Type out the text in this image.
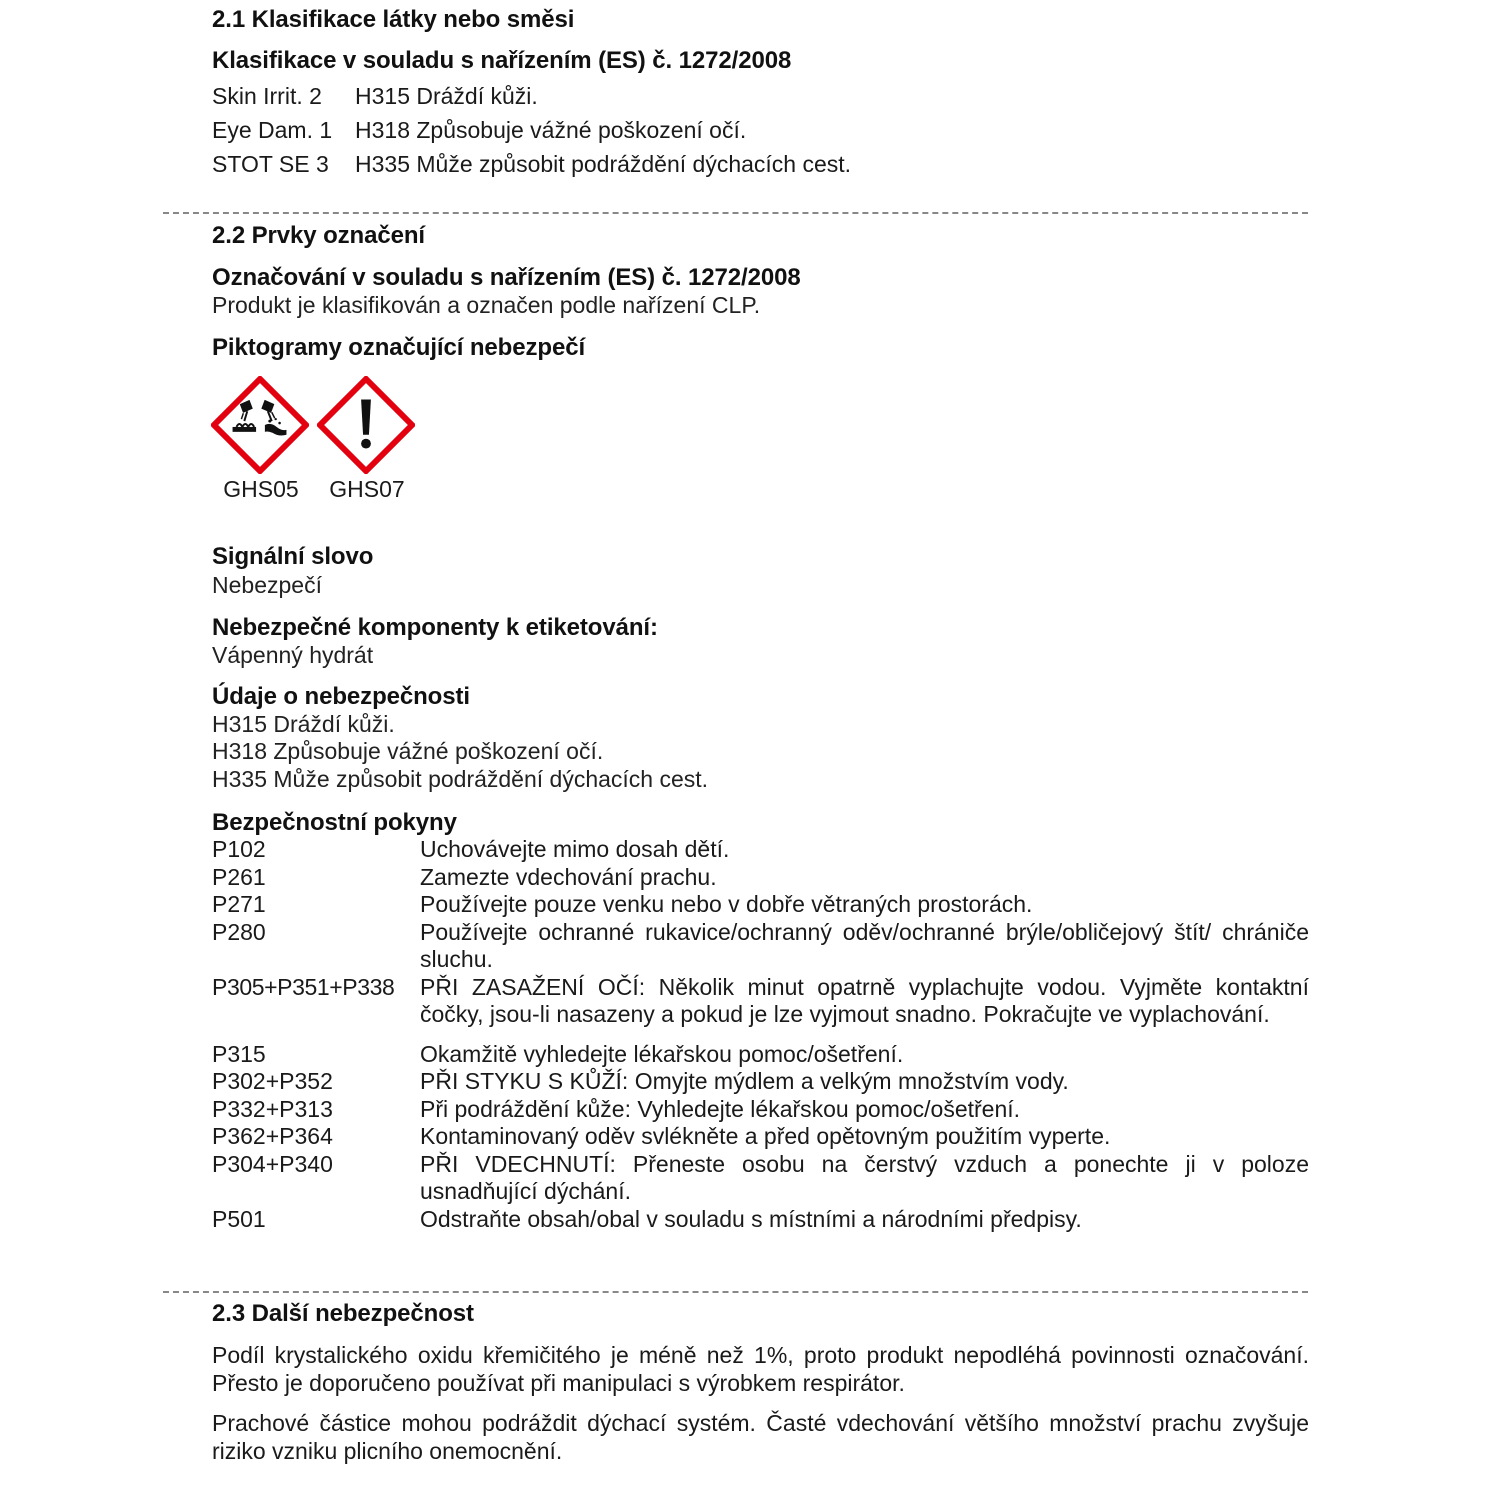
2.1 Klasifikace látky nebo směsi
Klasifikace v souladu s nařízením (ES) č. 1272/2008
Skin Irrit. 2 H315 Dráždí kůži.
Eye Dam. 1 H318 Způsobuje vážné poškození očí.
STOT SE 3 H335 Může způsobit podráždění dýchacích cest.
2.2 Prvky označení
Označování v souladu s nařízením (ES) č. 1272/2008
Produkt je klasifikován a označen podle nařízení CLP.
Piktogramy označující nebezpečí
GHS05	GHS07
Signální slovo
Nebezpečí
Nebezpečné komponenty k etiketování:
Vápenný hydrát
Údaje o nebezpečnosti
H315 Dráždí kůži.
H318 Způsobuje vážné poškození očí.
H335 Může způsobit podráždění dýchacích cest.
Bezpečnostní pokyny
P102	Uchovávejte mimo dosah dětí.
P261	Zamezte vdechování prachu.
P271	Používejte pouze venku nebo v dobře větraných prostorách.
P280	Používejte ochranné rukavice/ochranný oděv/ochranné brýle/obličejový štít/ chrániče sluchu.
P305+P351+P338	PŘI ZASAŽENÍ OČÍ: Několik minut opatrně vyplachujte vodou. Vyjměte kontaktní čočky, jsou-li nasazeny a pokud je lze vyjmout snadno. Pokračujte ve vyplachování.
P315	Okamžitě vyhledejte lékařskou pomoc/ošetření.
P302+P352	PŘI STYKU S KŮŽÍ: Omyjte mýdlem a velkým množstvím vody.
P332+P313	Při podráždění kůže: Vyhledejte lékařskou pomoc/ošetření.
P362+P364	Kontaminovaný oděv svlékněte a před opětovným použitím vyperte.
P304+P340	PŘI VDECHNUTÍ: Přeneste osobu na čerstvý vzduch a ponechte ji v poloze usnadňující dýchání.
P501	Odstraňte obsah/obal v souladu s místními a národními předpisy.
2.3 Další nebezpečnost
Podíl krystalického oxidu křemičitého je méně než 1%, proto produkt nepodléhá povinnosti označování. Přesto je doporučeno používat při manipulaci s výrobkem respirátor.
Prachové částice mohou podráždit dýchací systém. Časté vdechování většího množství prachu zvyšuje riziko vzniku plicního onemocnění.
